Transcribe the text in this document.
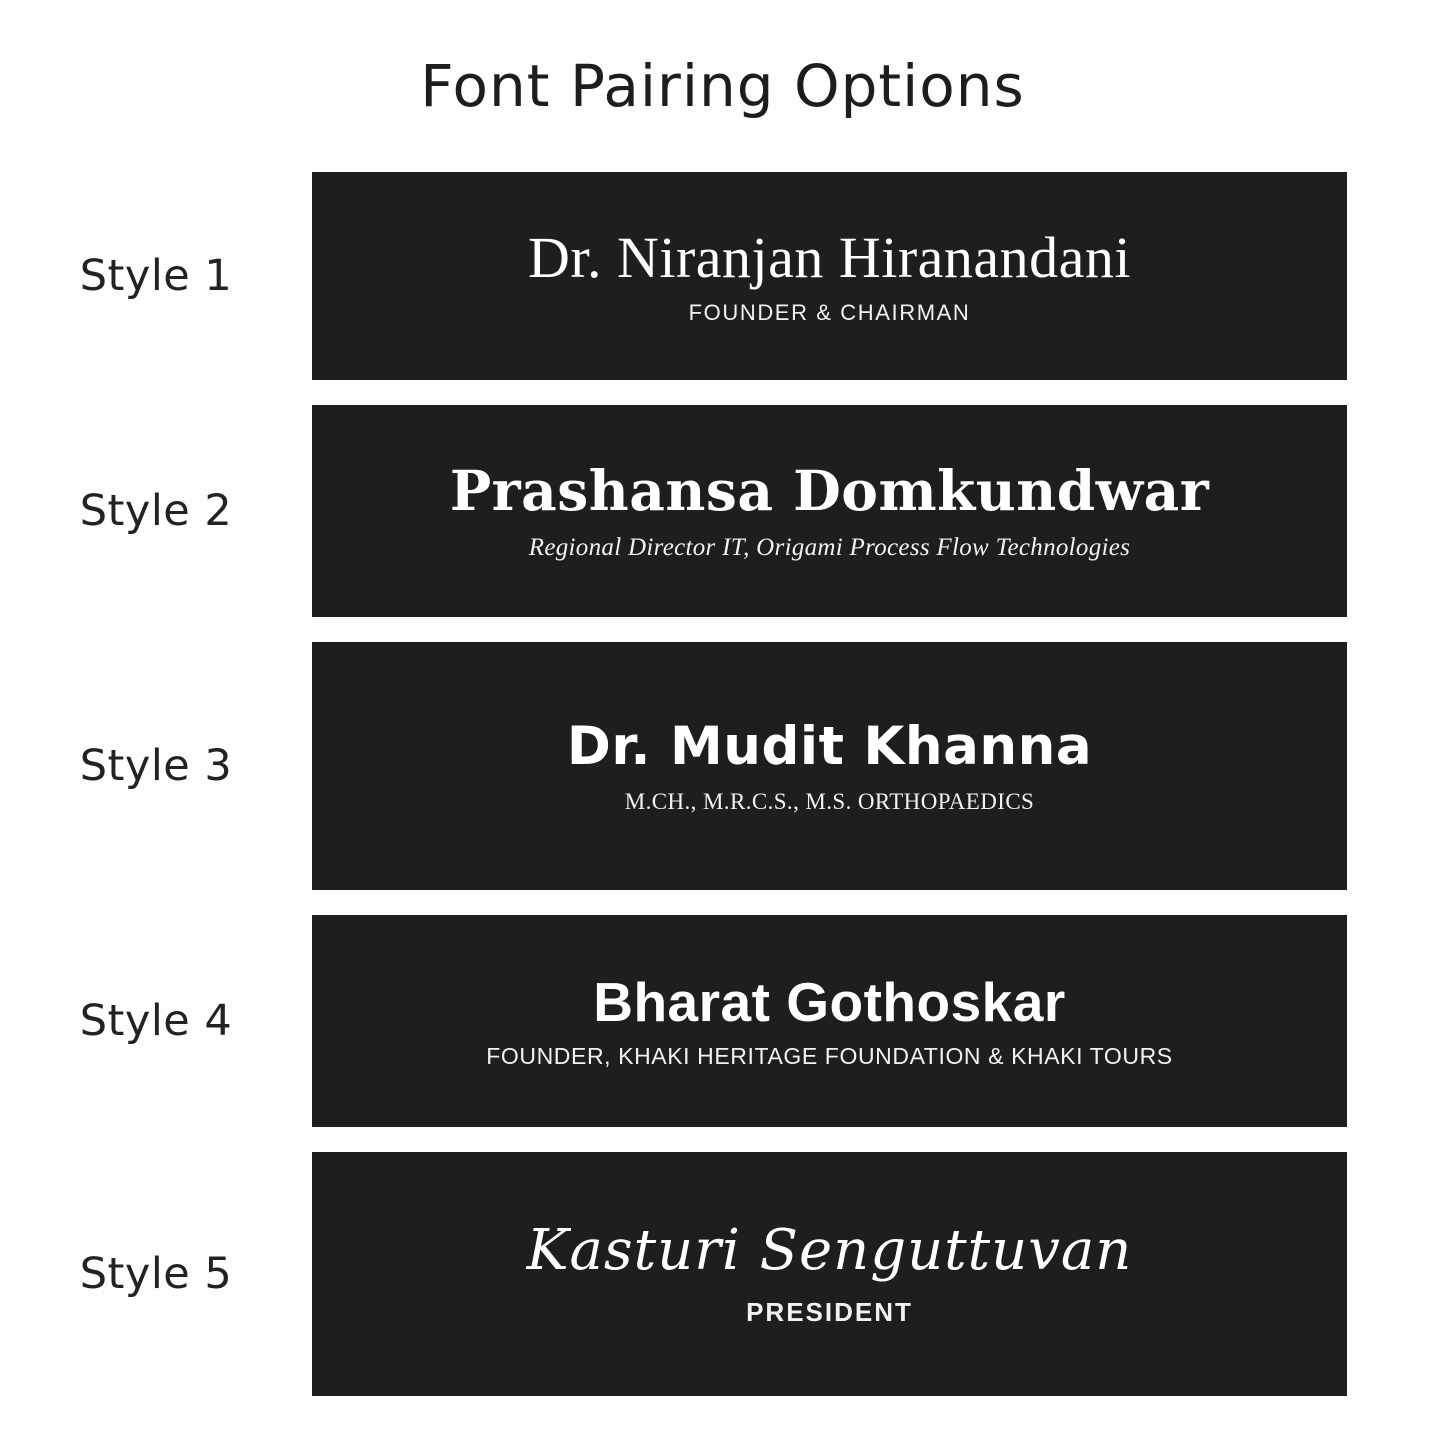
Font Pairing Options
Style 1	Dr. Niranjan Hiranandani
FOUNDER & CHAIRMAN
Style 2	Prashansa Domkundwar
Regional Director IT, Origami Process Flow Technologies
Style 3	Dr. Mudit Khanna
M.CH., M.R.C.S., M.S. ORTHOPAEDICS
Style 4	Bharat Gothoskar
FOUNDER, KHAKI HERITAGE FOUNDATION & KHAKI TOURS
Style 5	Kasturi Senguttuvan
PRESIDENT
